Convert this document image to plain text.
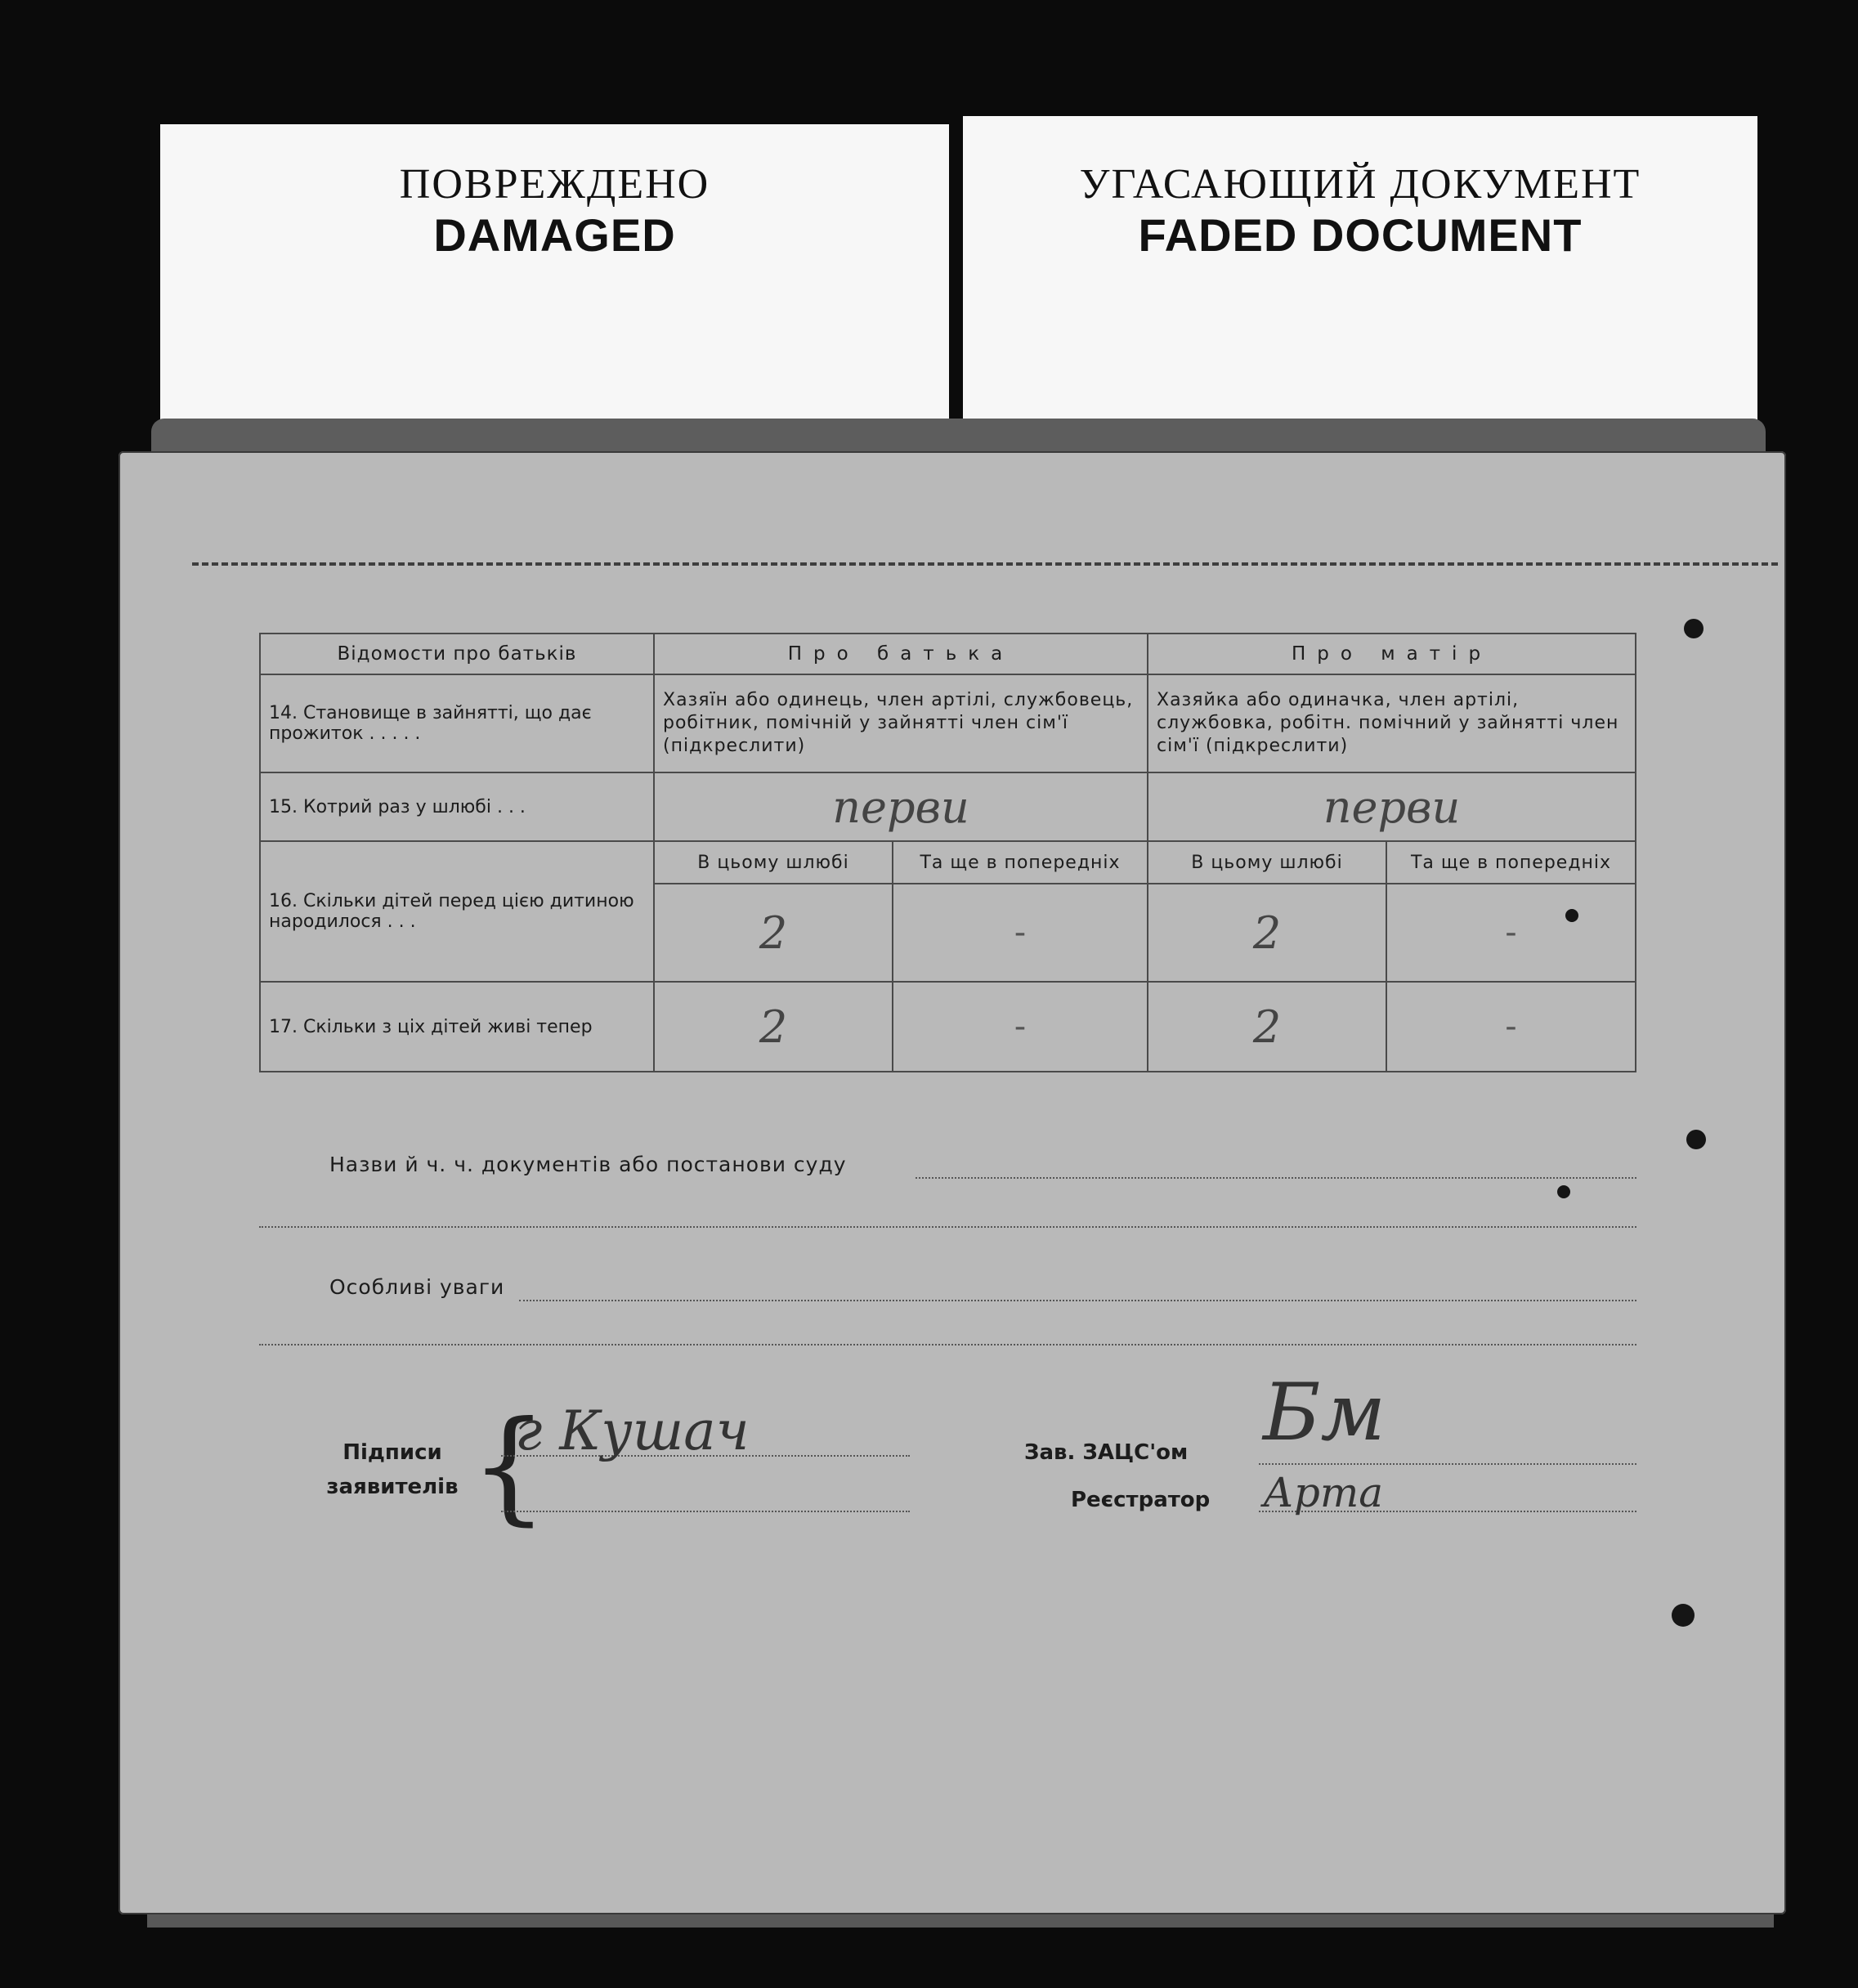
ПОВРЕЖДЕНО
DAMAGED
УГАСАЮЩИЙ ДОКУМЕНТ
FADED DOCUMENT
Відомости про батьків	Про батька		Про матір	
14. Становище в зайнятті, що дає прожиток . . . . .	Хазяїн або одинець, член артілі, службовець, робітник, помічній у зайнятті член сім'ї (підкреслити)		Хазяйка або одиначка, член артілі, службовка, робітн. помічний у зайнятті член сім'ї (підкреслити)	
15. Котрий раз у шлюбі . . .	перви		перви	
16. Скільки дітей перед цією дитиною народилося . . .	В цьому шлюбі	Та ще в попередніх	В цьому шлюбі	Та ще в попередніх
	2	-	2	-
17. Скільки з ціх дітей живі тепер	2	-	2	-
Назви й ч. ч. документів або постанови суду
Особливі уваги
Підписи
заявителів {
г Кушач	Зав. ЗАЦС'ом
Реєстратор
Бм
Арта
